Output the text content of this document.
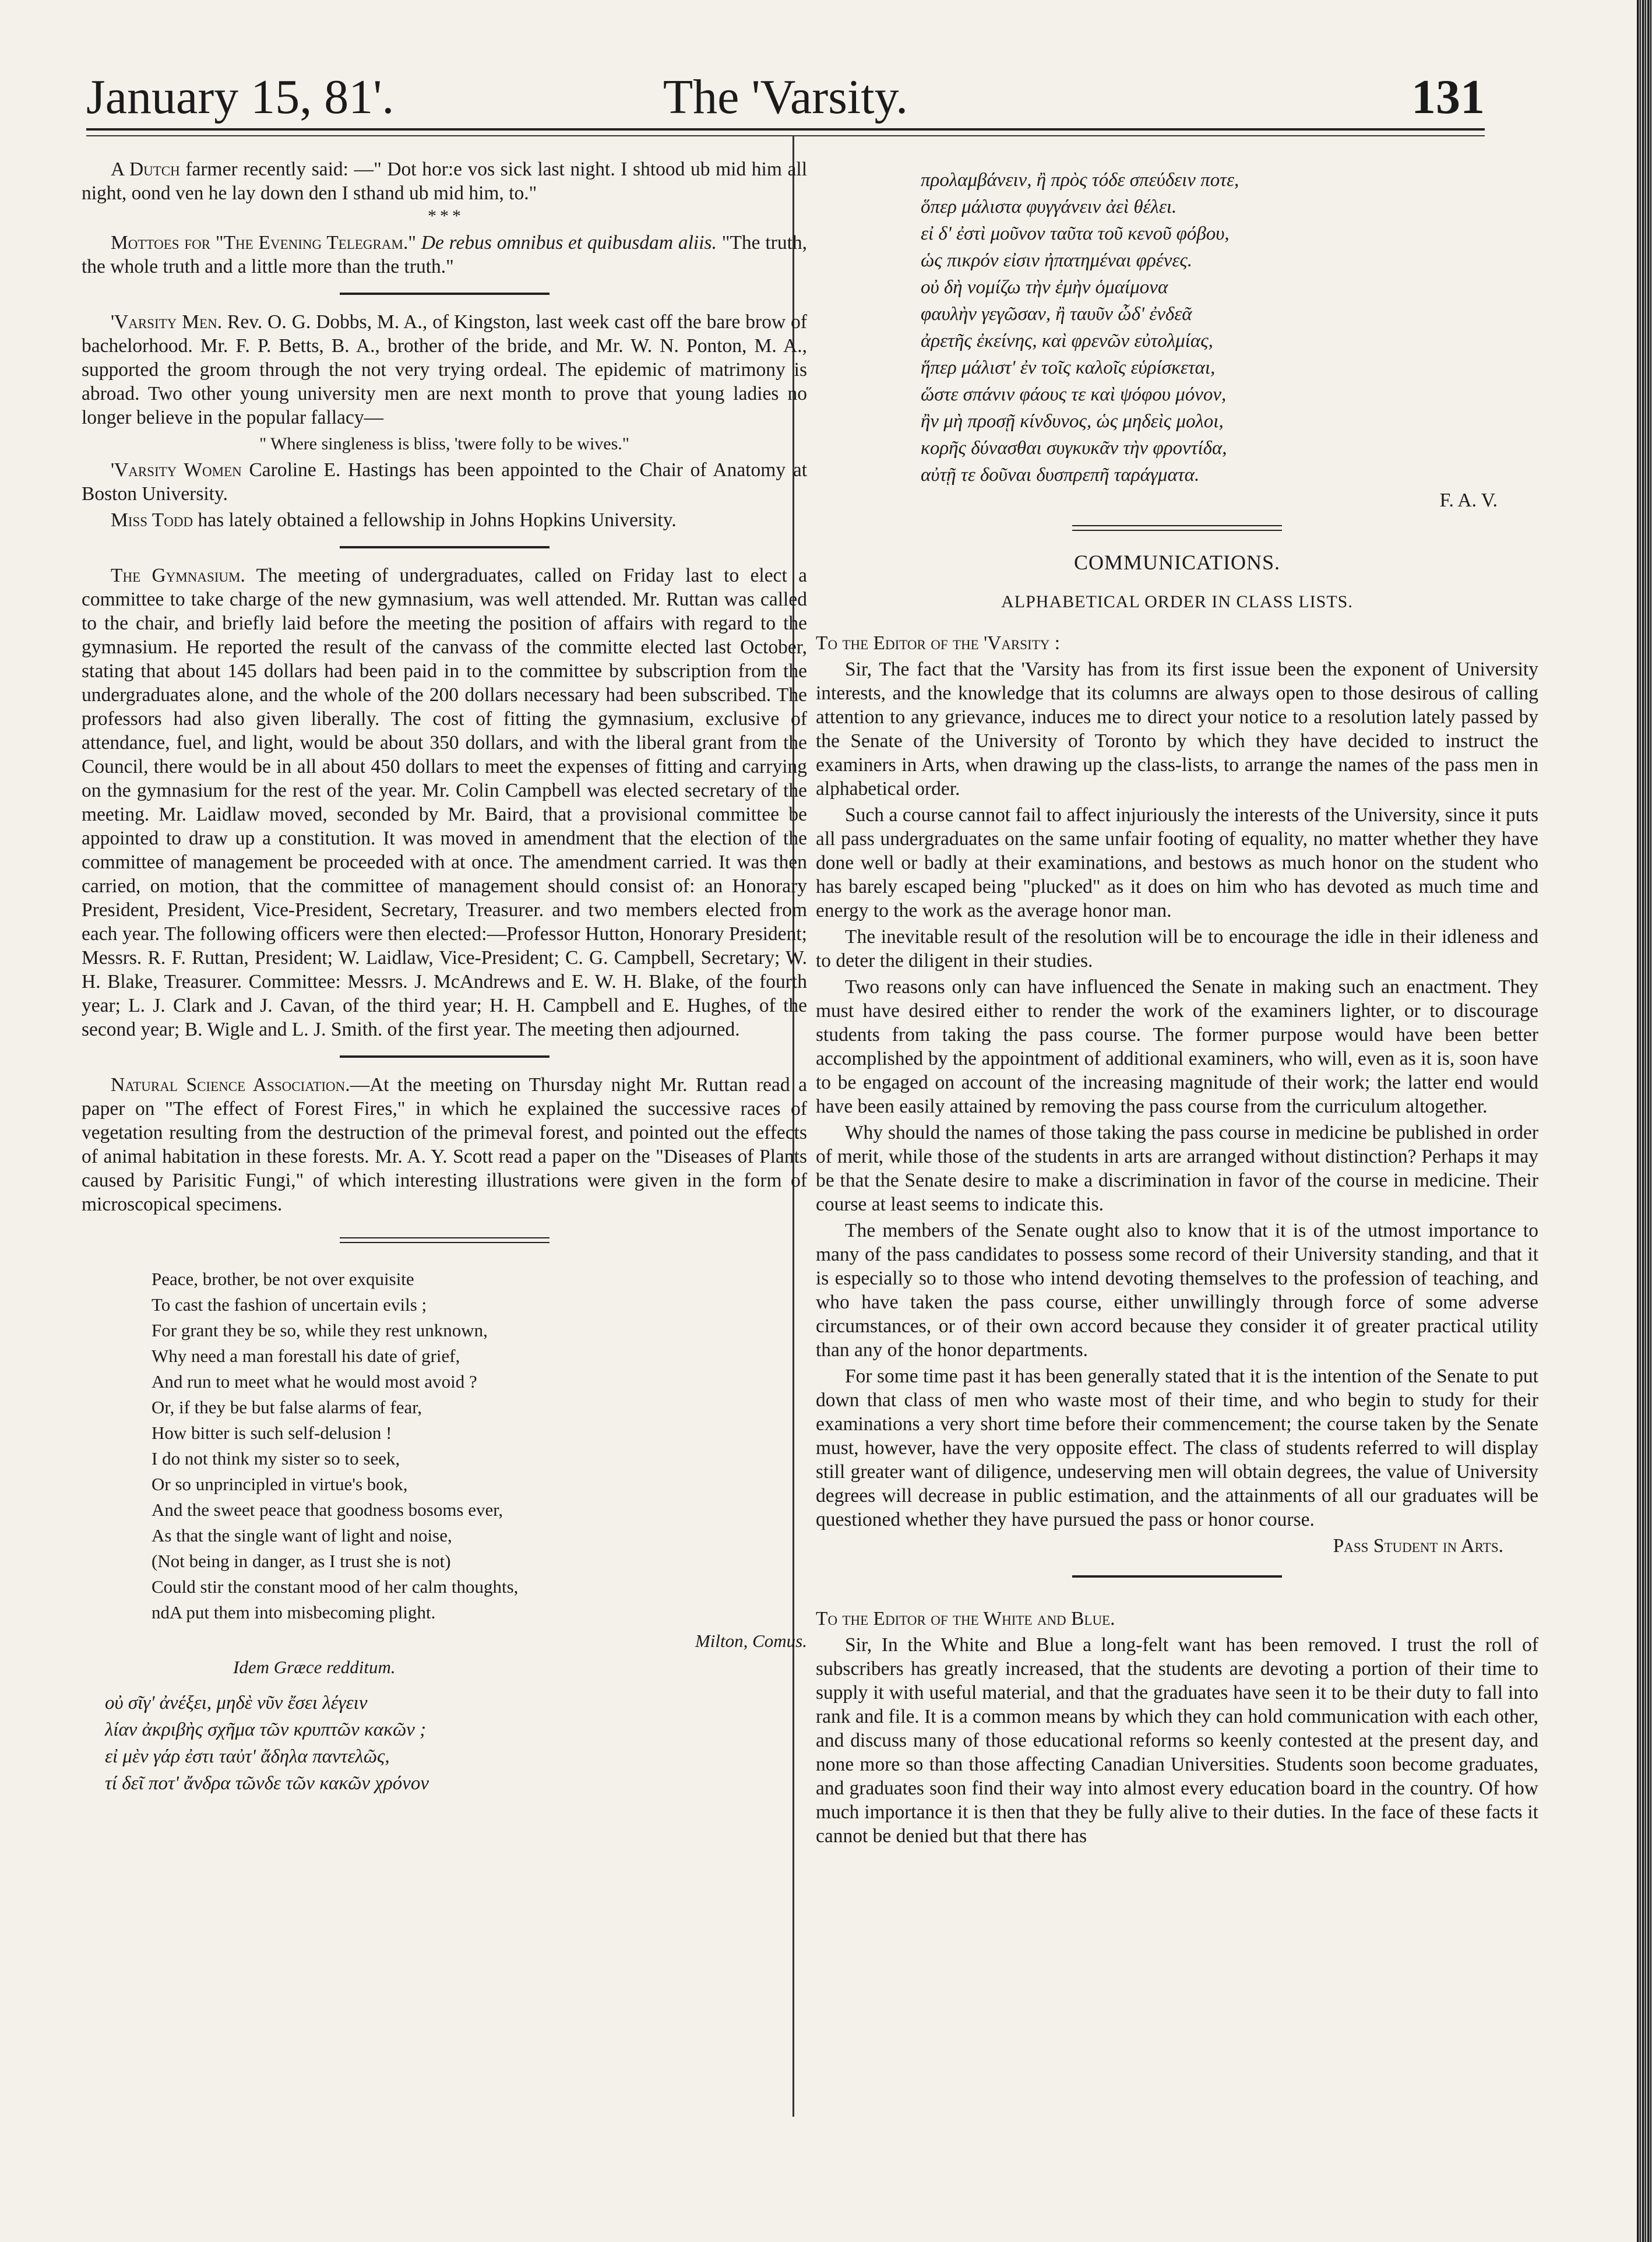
January 15, 81'.	The 'Varsity.	131

A Dutch farmer recently said: —" Dot hor:e vos sick last night. I shtood ub mid him all night, oond ven he lay down den I sthand ub mid him, to."

* * *

Mottoes for "The Evening Telegram." De rebus omnibus et quibusdam aliis. "The truth, the whole truth and a little more than the truth."

'Varsity Men. Rev. O. G. Dobbs, M. A., of Kingston, last week cast off the bare brow of bachelorhood. Mr. F. P. Betts, B. A., brother of the bride, and Mr. W. N. Ponton, M. A., supported the groom through the not very trying ordeal. The epidemic of matrimony is abroad. Two other young university men are next month to prove that young ladies no longer believe in the popular fallacy—

" Where singleness is bliss, 'twere folly to be wives."

'Varsity Women Caroline E. Hastings has been appointed to the Chair of Anatomy at Boston University.

Miss Todd has lately obtained a fellowship in Johns Hopkins University.

The Gymnasium. The meeting of undergraduates, called on Friday last to elect a committee to take charge of the new gymnasium, was well attended. Mr. Ruttan was called to the chair, and briefly laid before the meeting the position of affairs with regard to the gymnasium. He reported the result of the canvass of the committe elected last October, stating that about 145 dollars had been paid in to the committee by subscription from the undergraduates alone, and the whole of the 200 dollars necessary had been subscribed. The professors had also given liberally. The cost of fitting the gymnasium, exclusive of attendance, fuel, and light, would be about 350 dollars, and with the liberal grant from the Council, there would be in all about 450 dollars to meet the expenses of fitting and carrying on the gymnasium for the rest of the year. Mr. Colin Campbell was elected secretary of the meeting. Mr. Laidlaw moved, seconded by Mr. Baird, that a provisional committee be appointed to draw up a constitution. It was moved in amendment that the election of the committee of management be proceeded with at once. The amendment carried. It was then carried, on motion, that the committee of management should consist of: an Honorary President, President, Vice-President, Secretary, Treasurer. and two members elected from each year. The following officers were then elected:—Professor Hutton, Honorary President; Messrs. R. F. Ruttan, President; W. Laidlaw, Vice-President; C. G. Campbell, Secretary; W. H. Blake, Treasurer. Committee: Messrs. J. McAndrews and E. W. H. Blake, of the fourth year; L. J. Clark and J. Cavan, of the third year; H. H. Campbell and E. Hughes, of the second year; B. Wigle and L. J. Smith. of the first year. The meeting then adjourned.

Natural Science Association.—At the meeting on Thursday night Mr. Ruttan read a paper on "The effect of Forest Fires," in which he explained the successive races of vegetation resulting from the destruction of the primeval forest, and pointed out the effects of animal habitation in these forests. Mr. A. Y. Scott read a paper on the "Diseases of Plants caused by Parisitic Fungi," of which interesting illustrations were given in the form of microscopical specimens.

Peace, brother, be not over exquisite
To cast the fashion of uncertain evils ;
For grant they be so, while they rest unknown,
Why need a man forestall his date of grief,
And run to meet what he would most avoid ?
Or, if they be but false alarms of fear,
How bitter is such self-delusion !
I do not think my sister so to seek,
Or so unprincipled in virtue's book,
And the sweet peace that goodness bosoms ever,
As that the single want of light and noise,
(Not being in danger, as I trust she is not)
Could stir the constant mood of her calm thoughts,
ndA put them into misbecoming plight.

Milton, Comus.

Idem Græce redditum.

οὐ σῖγ' ἀνέξει, μηδὲ νῦν ἔσει λέγειν
λίαν ἀκριβὴς σχῆμα τῶν κρυπτῶν κακῶν ;
εἰ μὲν γάρ ἐστι ταὐτ' ἄδηλα παντελῶς,
τί δεῖ ποτ' ἄνδρα τῶνδε τῶν κακῶν χρόνον
προλαμβάνειν, ἢ πρὸς τόδε σπεύδειν ποτε,
ὅπερ μάλιστα φυγγάνειν ἀεὶ θέλει.
εἰ δ' ἐστὶ μοῦνον ταῦτα τοῦ κενοῦ φόβου,
ὡς πικρόν εἰσιν ἠπατημέναι φρένες.
οὐ δὴ νομίζω τὴν ἐμὴν ὁμαίμονα
φαυλὴν γεγῶσαν, ἢ ταυῦν ὧδ' ἐνδεᾶ
ἀρετῆς ἐκείνης, καὶ φρενῶν εὐτολμίας,
ἥπερ μάλιστ' ἐν τοῖς καλοῖς εὑρίσκεται,
ὥστε σπάνιν φάους τε καὶ ψόφου μόνον,
ἢν μὴ προσῇ κίνδυνος, ὡς μηδεὶς μολοι,
κορῆς δύνασθαι συγκυκᾶν τὴν φροντίδα,
αὐτῇ τε δοῦναι δυσπρεπῆ ταράγματα.

F. A. V.

COMMUNICATIONS.

ALPHABETICAL ORDER IN CLASS LISTS.

To the Editor of the 'Varsity :

Sir, The fact that the 'Varsity has from its first issue been the exponent of University interests, and the knowledge that its columns are always open to those desirous of calling attention to any grievance, induces me to direct your notice to a resolution lately passed by the Senate of the University of Toronto by which they have decided to instruct the examiners in Arts, when drawing up the class-lists, to arrange the names of the pass men in alphabetical order.

Such a course cannot fail to affect injuriously the interests of the University, since it puts all pass undergraduates on the same unfair footing of equality, no matter whether they have done well or badly at their examinations, and bestows as much honor on the student who has barely escaped being "plucked" as it does on him who has devoted as much time and energy to the work as the average honor man.

The inevitable result of the resolution will be to encourage the idle in their idleness and to deter the diligent in their studies.

Two reasons only can have influenced the Senate in making such an enactment. They must have desired either to render the work of the examiners lighter, or to discourage students from taking the pass course. The former purpose would have been better accomplished by the appointment of additional examiners, who will, even as it is, soon have to be engaged on account of the increasing magnitude of their work; the latter end would have been easily attained by removing the pass course from the curriculum altogether.

Why should the names of those taking the pass course in medicine be published in order of merit, while those of the students in arts are arranged without distinction? Perhaps it may be that the Senate desire to make a discrimination in favor of the course in medicine. Their course at least seems to indicate this.

The members of the Senate ought also to know that it is of the utmost importance to many of the pass candidates to possess some record of their University standing, and that it is especially so to those who intend devoting themselves to the profession of teaching, and who have taken the pass course, either unwillingly through force of some adverse circumstances, or of their own accord because they consider it of greater practical utility than any of the honor departments.

For some time past it has been generally stated that it is the intention of the Senate to put down that class of men who waste most of their time, and who begin to study for their examinations a very short time before their commencement; the course taken by the Senate must, however, have the very opposite effect. The class of students referred to will display still greater want of diligence, undeserving men will obtain degrees, the value of University degrees will decrease in public estimation, and the attainments of all our graduates will be questioned whether they have pursued the pass or honor course.

Pass Student in Arts.

To the Editor of the White and Blue.

Sir, In the White and Blue a long-felt want has been removed. I trust the roll of subscribers has greatly increased, that the students are devoting a portion of their time to supply it with useful material, and that the graduates have seen it to be their duty to fall into rank and file. It is a common means by which they can hold communication with each other, and discuss many of those educational reforms so keenly contested at the present day, and none more so than those affecting Canadian Universities. Students soon become graduates, and graduates soon find their way into almost every education board in the country. Of how much importance it is then that they be fully alive to their duties. In the face of these facts it cannot be denied but that there has
